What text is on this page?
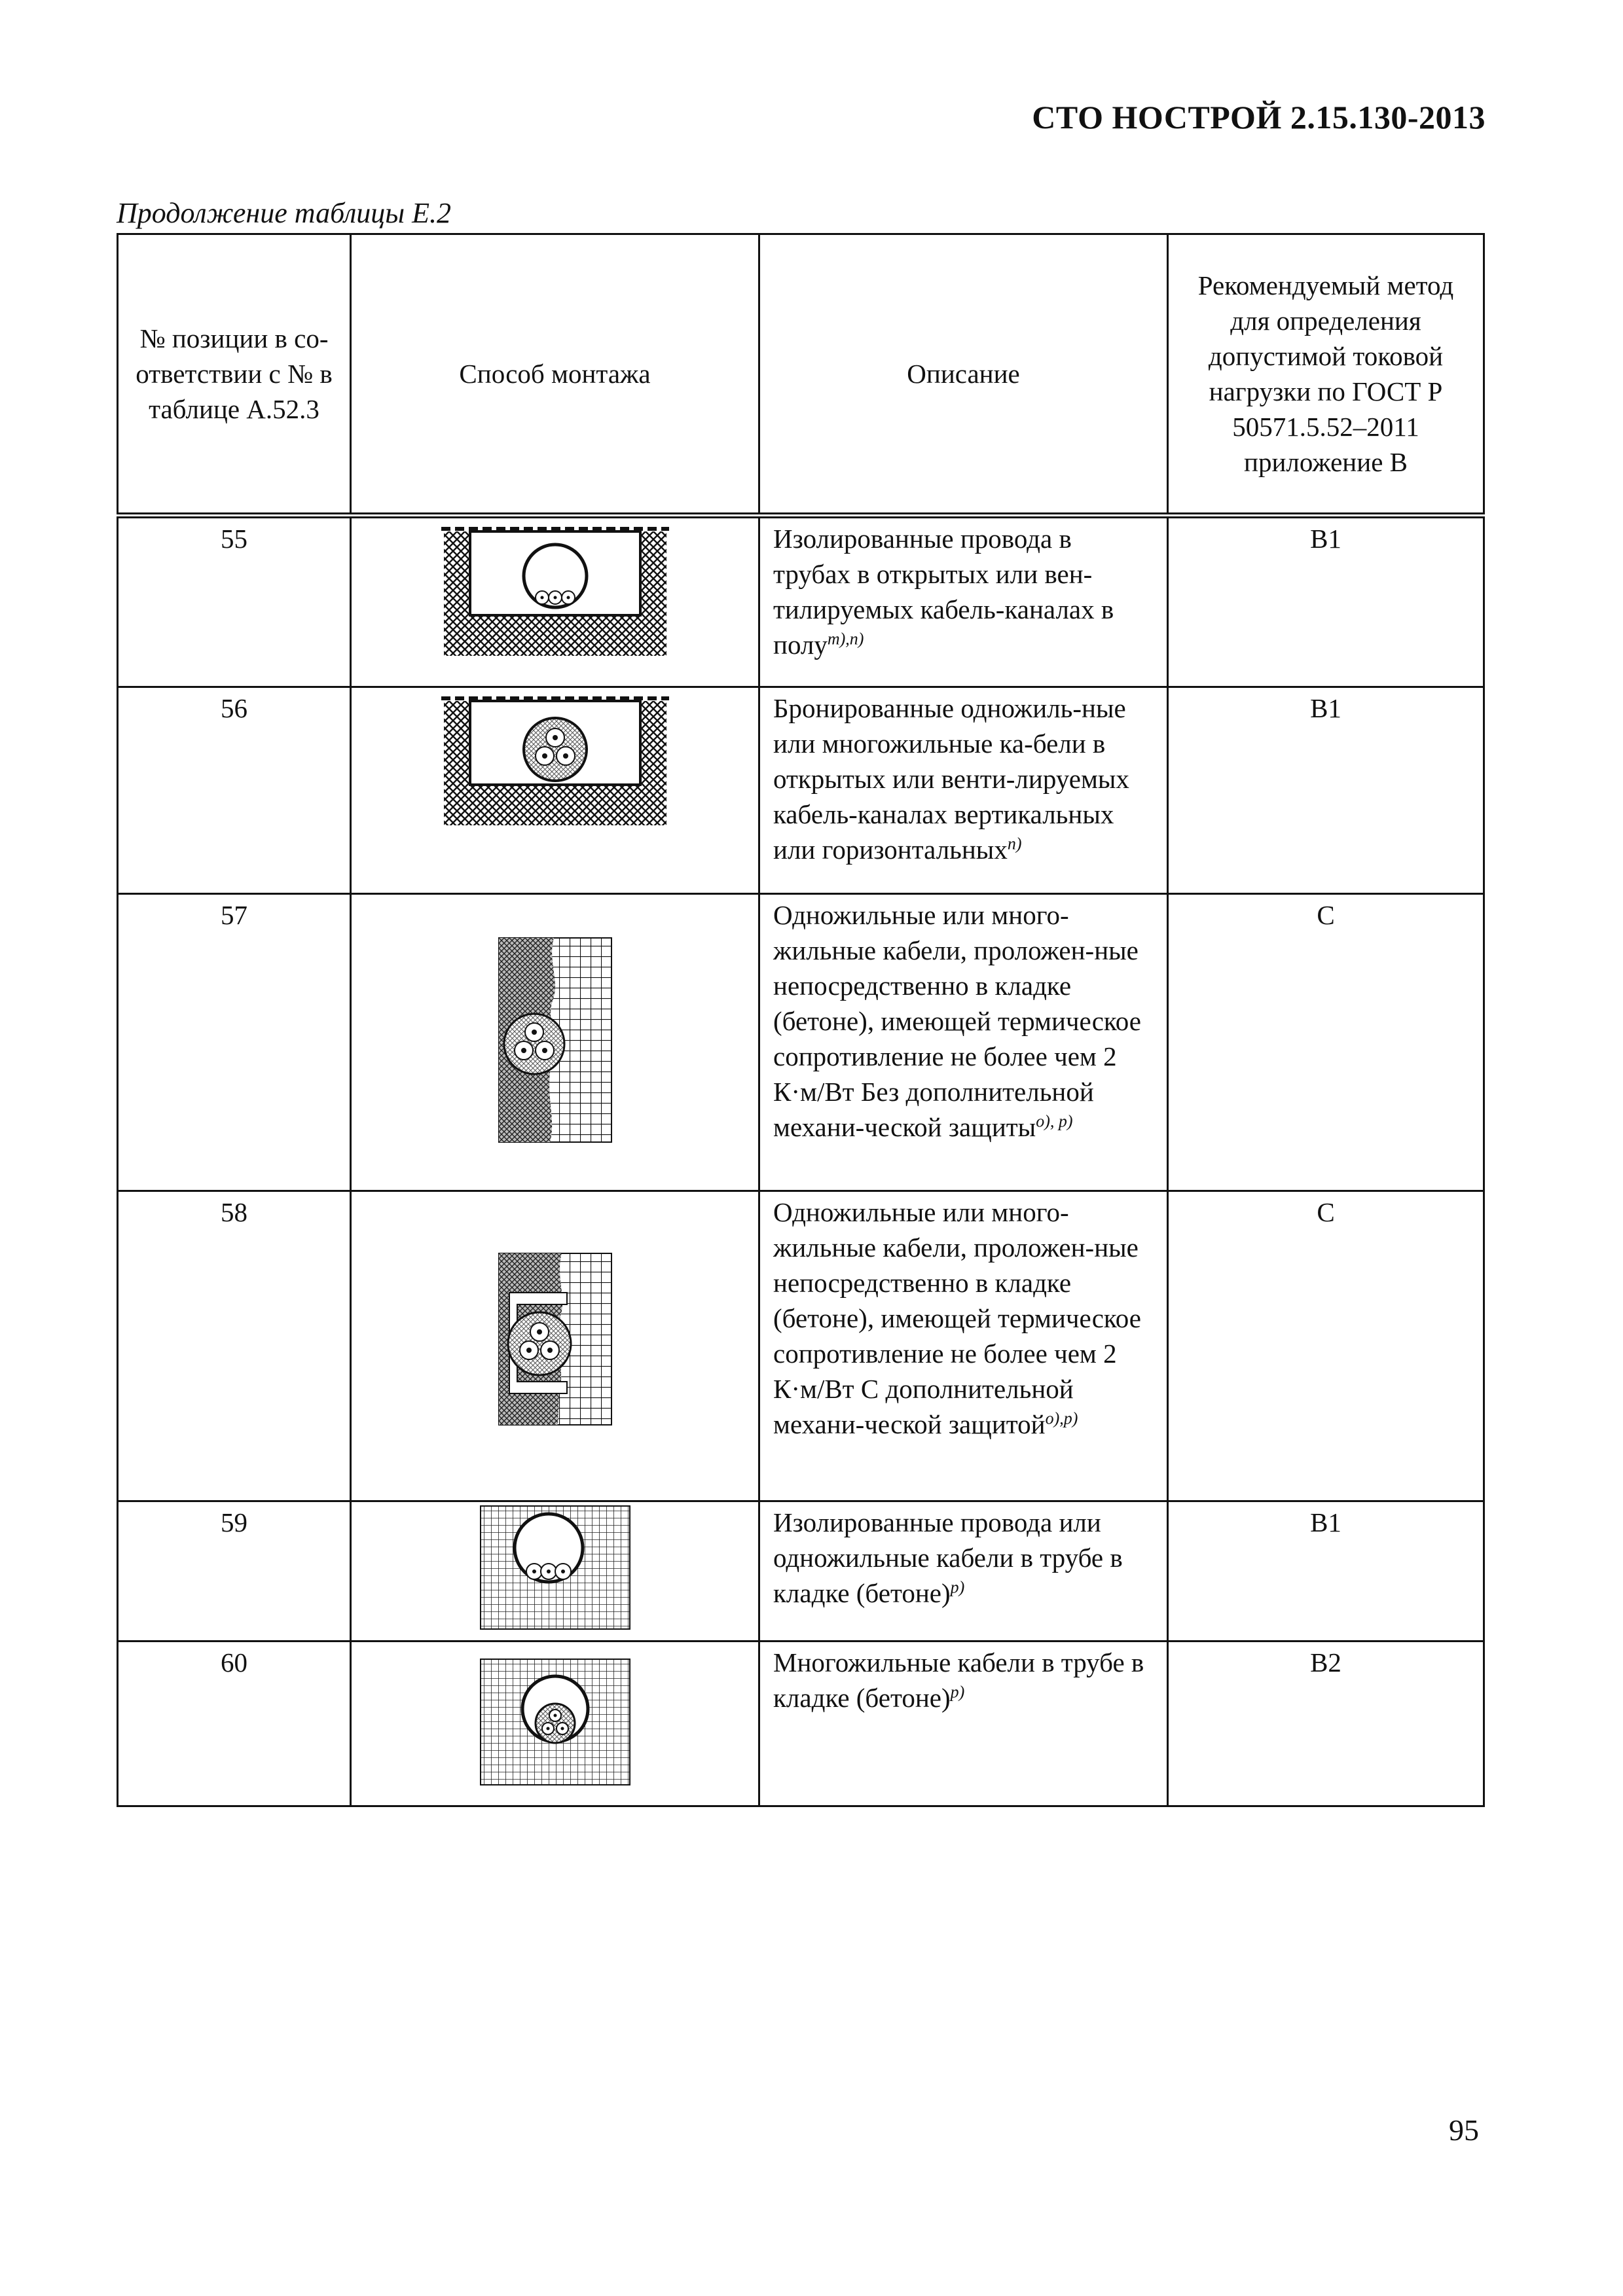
СТО НОСТРОЙ 2.15.130-2013
Продолжение таблицы Е.2
№ позиции в со-ответствии с № в таблице А.52.3	Способ монтажа	Описание	Рекомендуемый метод для определения допустимой токовой нагрузки по ГОСТ Р 50571.5.52–2011 приложение В
55		Изолированные провода в трубах в открытых или вен-тилируемых кабель-каналах в полу$^{m),n)}$	B1
56		Бронированные одножиль-ные или многожильные ка-бели в открытых или венти-лируемых кабель-каналах вертикальных или горизонтальных$^{n)}$	B1
57		Одножильные или много-жильные кабели, проложен-ные непосредственно в кладке (бетоне), имеющей термическое сопротивление не более чем 2 К·м/Вт Без дополнительной механи-ческой защиты$^{o), p)}$	C
58		Одножильные или много-жильные кабели, проложен-ные непосредственно в кладке (бетоне), имеющей термическое сопротивление не более чем 2 К·м/Вт С дополнительной механи-ческой защитой$^{o),p)}$	C
59		Изолированные провода или одножильные кабели в трубе в кладке (бетоне)$^{p)}$	B1
60		Многожильные кабели в трубе в кладке (бетоне)$^{p)}$	B2
95
